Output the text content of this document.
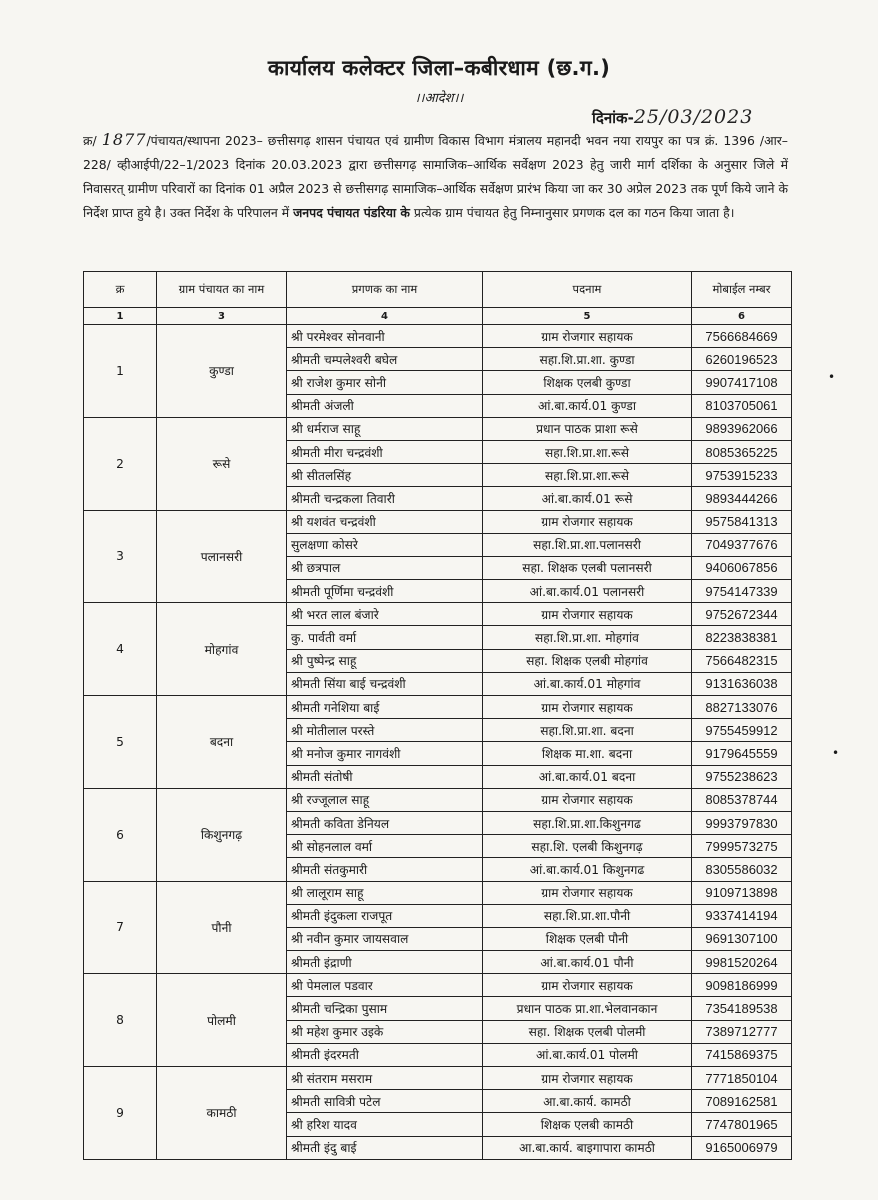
कार्यालय कलेक्टर जिला–कबीरधाम (छ.ग.)
।।आदेश।।
दिनांक-25/03/2023
क्र/ 1877/पंचायत/स्थापना 2023– छत्तीसगढ़ शासन पंचायत एवं ग्रामीण विकास विभाग मंत्रालय महानदी भवन नया रायपुर का पत्र क्रं. 1396 /आर–228/ व्हीआईपी/22–1/2023 दिनांक 20.03.2023 द्वारा छत्तीसगढ़ सामाजिक–आर्थिक सर्वेक्षण 2023 हेतु जारी मार्ग दर्शिका के अनुसार जिले में निवासरत् ग्रामीण परिवारों का दिनांक 01 अप्रैल 2023 से छत्तीसगढ़ सामाजिक–आर्थिक सर्वेक्षण प्रारंभ किया जा कर 30 अप्रेल 2023 तक पूर्ण किये जाने के निर्देश प्राप्त हुये है। उक्त निर्देश के परिपालन में जनपद पंचायत पंडरिया के प्रत्येक ग्राम पंचायत हेतु निम्नानुसार प्रगणक दल का गठन किया जाता है।
क्र	ग्राम पंचायत का नाम	प्रगणक का नाम	पदनाम	मोबाईल नम्बर
1	3	4	5	6
1	कुण्डा	श्री परमेश्वर सोनवानी	ग्राम रोजगार सहायक	7566684669
		श्रीमती चम्पलेश्वरी बघेल	सहा.शि.प्रा.शा. कुण्डा	6260196523
		श्री राजेश कुमार सोनी	शिक्षक एलबी कुण्डा	9907417108
		श्रीमती अंजली	आं.बा.कार्य.01 कुण्डा	8103705061
2	रूसे	श्री धर्मराज साहू	प्रधान पाठक प्राशा रूसे	9893962066
		श्रीमती मीरा चन्द्रवंशी	सहा.शि.प्रा.शा.रूसे	8085365225
		श्री सीतलसिंह	सहा.शि.प्रा.शा.रूसे	9753915233
		श्रीमती चन्द्रकला तिवारी	आं.बा.कार्य.01 रूसे	9893444266
3	पलानसरी	श्री यशवंत चन्द्रवंशी	ग्राम रोजगार सहायक	9575841313
		सुलक्षणा कोसरे	सहा.शि.प्रा.शा.पलानसरी	7049377676
		श्री छत्रपाल	सहा. शिक्षक एलबी पलानसरी	9406067856
		श्रीमती पूर्णिमा चन्द्रवंशी	आं.बा.कार्य.01 पलानसरी	9754147339
4	मोहगांव	श्री भरत लाल बंजारे	ग्राम रोजगार सहायक	9752672344
		कु. पार्वती वर्मा	सहा.शि.प्रा.शा. मोहगांव	8223838381
		श्री पुष्पेन्द्र साहू	सहा. शिक्षक एलबी मोहगांव	7566482315
		श्रीमती सिंया बाई चन्द्रवंशी	आं.बा.कार्य.01 मोहगांव	9131636038
5	बदना	श्रीमती गनेशिया बाई	ग्राम रोजगार सहायक	8827133076
		श्री मोतीलाल परस्ते	सहा.शि.प्रा.शा. बदना	9755459912
		श्री मनोज कुमार नागवंशी	शिक्षक मा.शा. बदना	9179645559
		श्रीमती संतोषी	आं.बा.कार्य.01 बदना	9755238623
6	किशुनगढ़	श्री रज्जूलाल साहू	ग्राम रोजगार सहायक	8085378744
		श्रीमती कविता डेनियल	सहा.शि.प्रा.शा.किशुनगढ	9993797830
		श्री सोहनलाल वर्मा	सहा.शि. एलबी किशुनगढ़	7999573275
		श्रीमती संतकुमारी	आं.बा.कार्य.01 किशुनगढ	8305586032
7	पौनी	श्री लालूराम साहू	ग्राम रोजगार सहायक	9109713898
		श्रीमती इंदुकला राजपूत	सहा.शि.प्रा.शा.पौनी	9337414194
		श्री नवीन कुमार जायसवाल	शिक्षक एलबी पौनी	9691307100
		श्रीमती इंद्राणी	आं.बा.कार्य.01 पौनी	9981520264
8	पोलमी	श्री पेमलाल पडवार	ग्राम रोजगार सहायक	9098186999
		श्रीमती चन्द्रिका पुसाम	प्रधान पाठक प्रा.शा.भेलवानकान	7354189538
		श्री महेश कुमार उइके	सहा. शिक्षक एलबी पोलमी	7389712777
		श्रीमती इंदरमती	आं.बा.कार्य.01 पोलमी	7415869375
9	कामठी	श्री संतराम मसराम	ग्राम रोजगार सहायक	7771850104
		श्रीमती सावित्री पटेल	आ.बा.कार्य. कामठी	7089162581
		श्री हरिश यादव	शिक्षक एलबी कामठी	7747801965
		श्रीमती इंदु बाई	आ.बा.कार्य. बाइगापारा कामठी	9165006979
•
•
